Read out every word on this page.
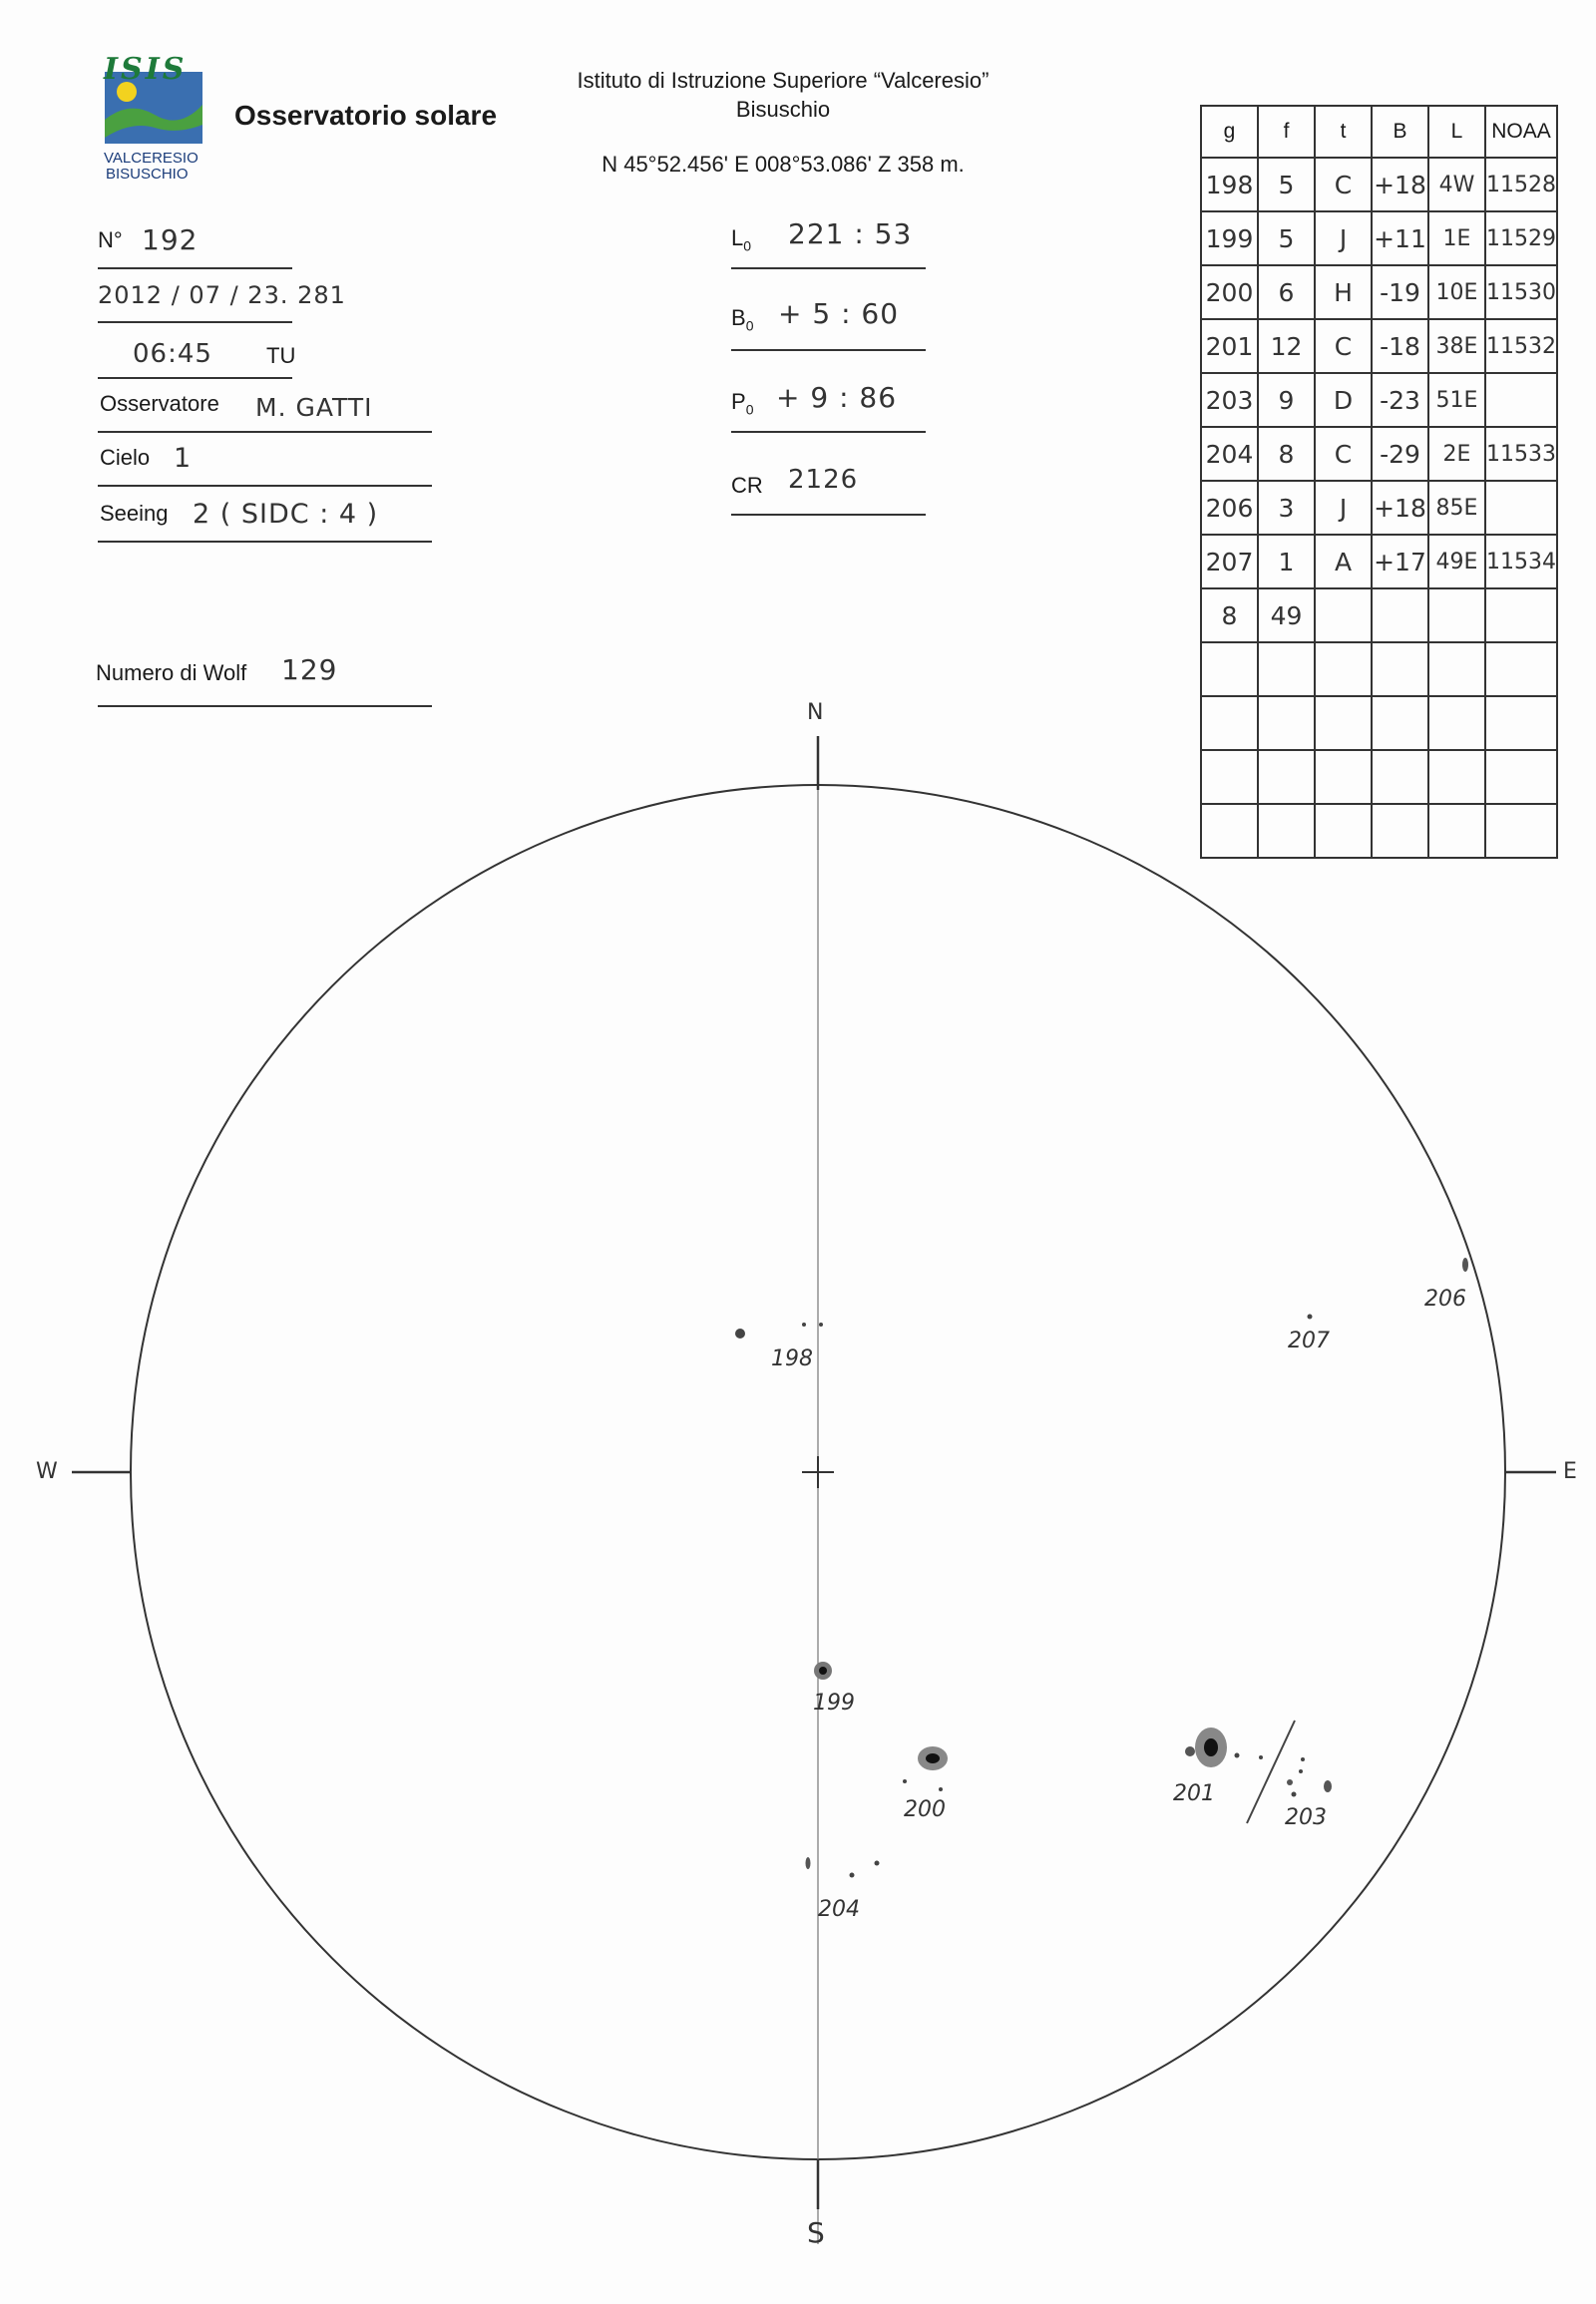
ISIS
VALCERESIO
BISUSCHIO
Osservatorio solare
Istituto di Istruzione Superiore “Valceresio”
Bisuschio
N 45°52.456' E 008°53.086' Z 358 m.
N° 192
2012 / 07 / 23. 281
06:45 TU
Osservatore M. GATTI
Cielo 1
Seeing 2 ( SIDC : 4 )
Numero di Wolf 129
$L_0$ 221 : 53
$B_0 + 5$ : 60
$P_0 + 9$ : 86
CR 2126
g	f	t	B	L	NOAA
198	5	C	+18	4W	11528
199	5	J	+11	1E	11529
200	6	H	-19	10E	11530
201	12	C	-18	38E	11532
203	9	D	-23	51E	
204	8	C	-29	2E	11533
206	3	J	+18	85E	
207	1	A	+17	49E	11534
8	49				

N
S
W	E
198
199
200
201
203
204
206
207
